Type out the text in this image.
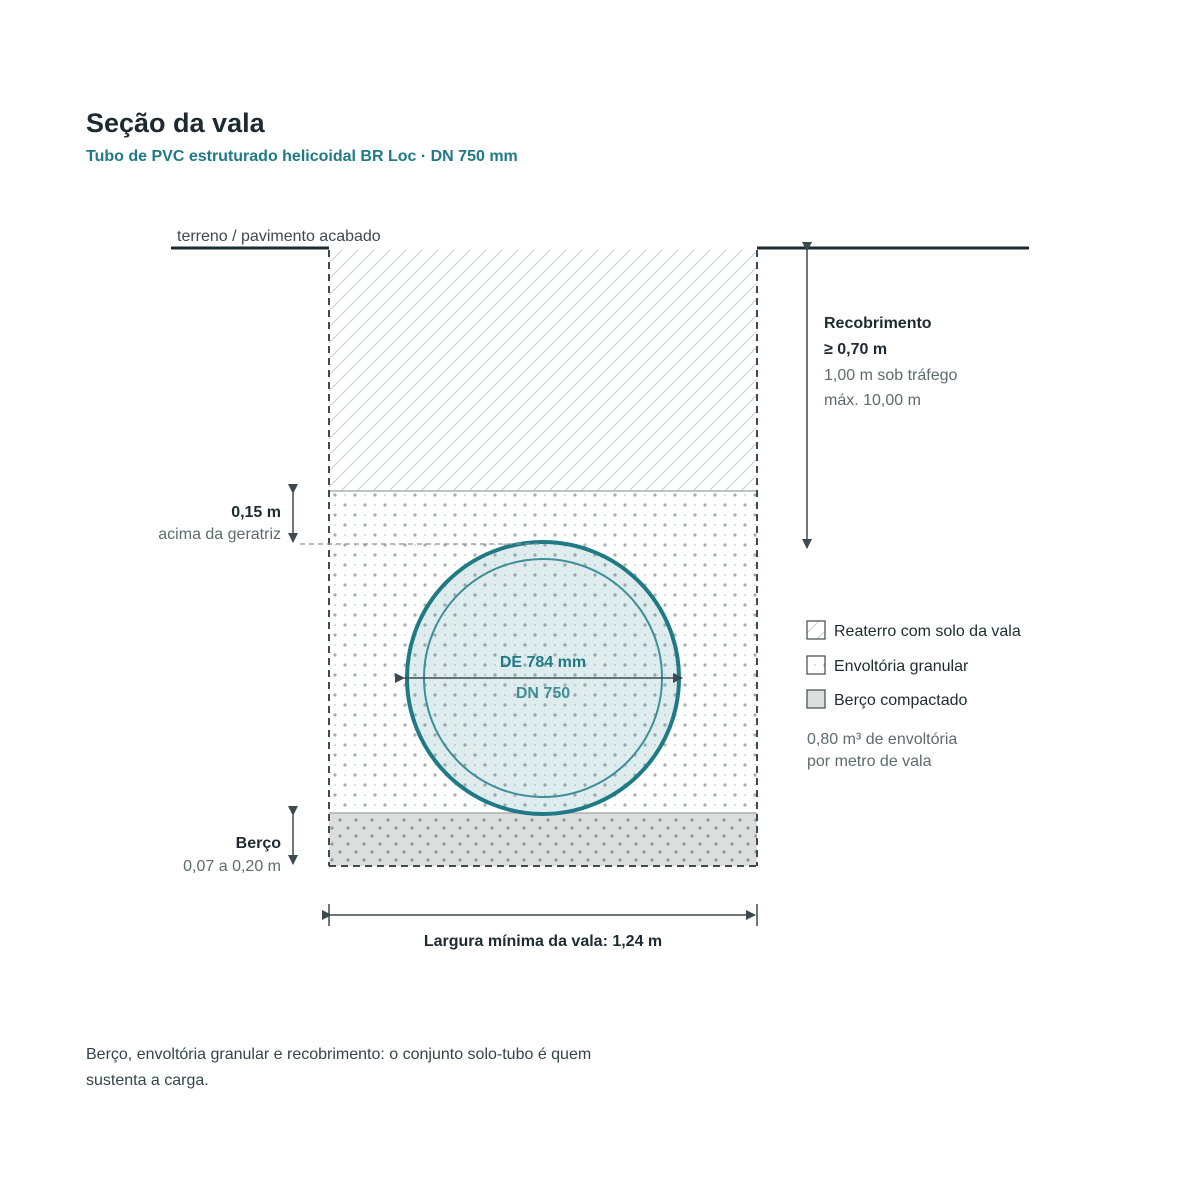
Seção da vala
Tubo de PVC estruturado helicoidal BR Loc · DN 750 mm
terreno / pavimento acabado
DE 784 mm
DN 750
0,15 m
acima da geratriz
Berço
0,07 a 0,20 m
Recobrimento
≥ 0,70 m
1,00 m sob tráfego
máx. 10,00 m
Largura mínima da vala: 1,24 m
Reaterro com solo da vala
Envoltória granular
Berço compactado
0,80 m³ de envoltória
por metro de vala
Berço, envoltória granular e recobrimento: o conjunto solo-tubo é quem sustenta a carga.
